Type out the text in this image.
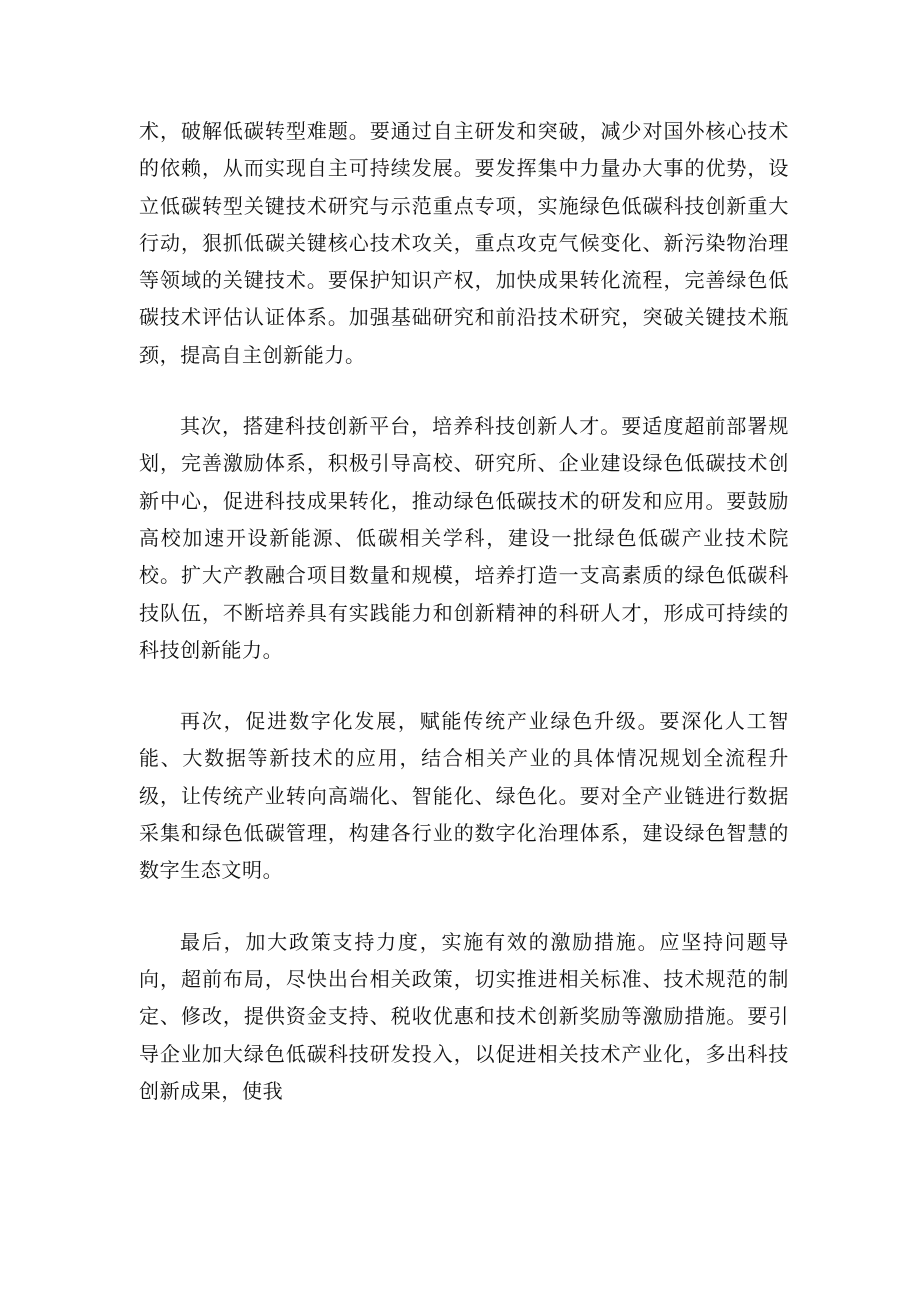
术，破解低碳转型难题。要通过自主研发和突破，减少对国外核心技术的依赖，从而实现自主可持续发展。要发挥集中力量办大事的优势，设立低碳转型关键技术研究与示范重点专项，实施绿色低碳科技创新重大行动，狠抓低碳关键核心技术攻关，重点攻克气候变化、新污染物治理等领域的关键技术。要保护知识产权，加快成果转化流程，完善绿色低碳技术评估认证体系。加强基础研究和前沿技术研究，突破关键技术瓶颈，提高自主创新能力。

其次，搭建科技创新平台，培养科技创新人才。要适度超前部署规划，完善激励体系，积极引导高校、研究所、企业建设绿色低碳技术创新中心，促进科技成果转化，推动绿色低碳技术的研发和应用。要鼓励高校加速开设新能源、低碳相关学科，建设一批绿色低碳产业技术院校。扩大产教融合项目数量和规模，培养打造一支高素质的绿色低碳科技队伍，不断培养具有实践能力和创新精神的科研人才，形成可持续的科技创新能力。

再次，促进数字化发展，赋能传统产业绿色升级。要深化人工智能、大数据等新技术的应用，结合相关产业的具体情况规划全流程升级，让传统产业转向高端化、智能化、绿色化。要对全产业链进行数据采集和绿色低碳管理，构建各行业的数字化治理体系，建设绿色智慧的数字生态文明。

最后，加大政策支持力度，实施有效的激励措施。应坚持问题导向，超前布局，尽快出台相关政策，切实推进相关标准、技术规范的制定、修改，提供资金支持、税收优惠和技术创新奖励等激励措施。要引导企业加大绿色低碳科技研发投入，以促进相关技术产业化，多出科技创新成果，使我
